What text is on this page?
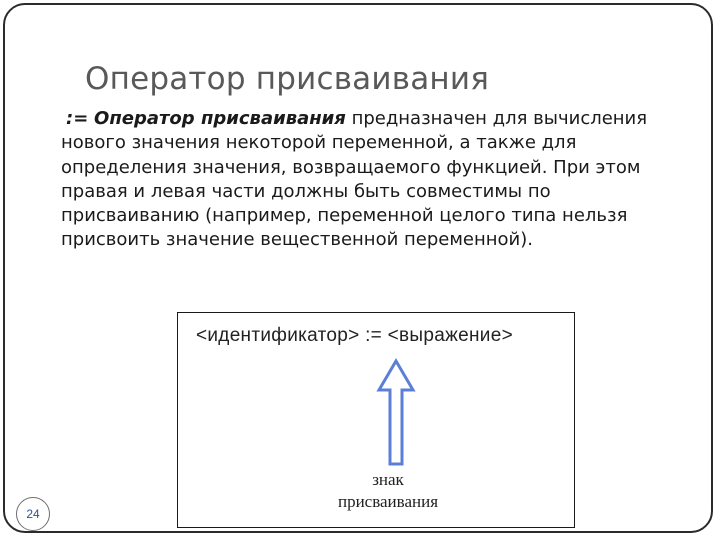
Оператор присваивания
:= Оператор присваивания предназначен для вычисления нового значения некоторой переменной, а также для определения значения, возвращаемого функцией. При этом правая и левая части должны быть совместимы по присваиванию (например, переменной целого типа нельзя присвоить значение вещественной переменной).
<идентификатор> := <выражение>
знак
присваивания
24
